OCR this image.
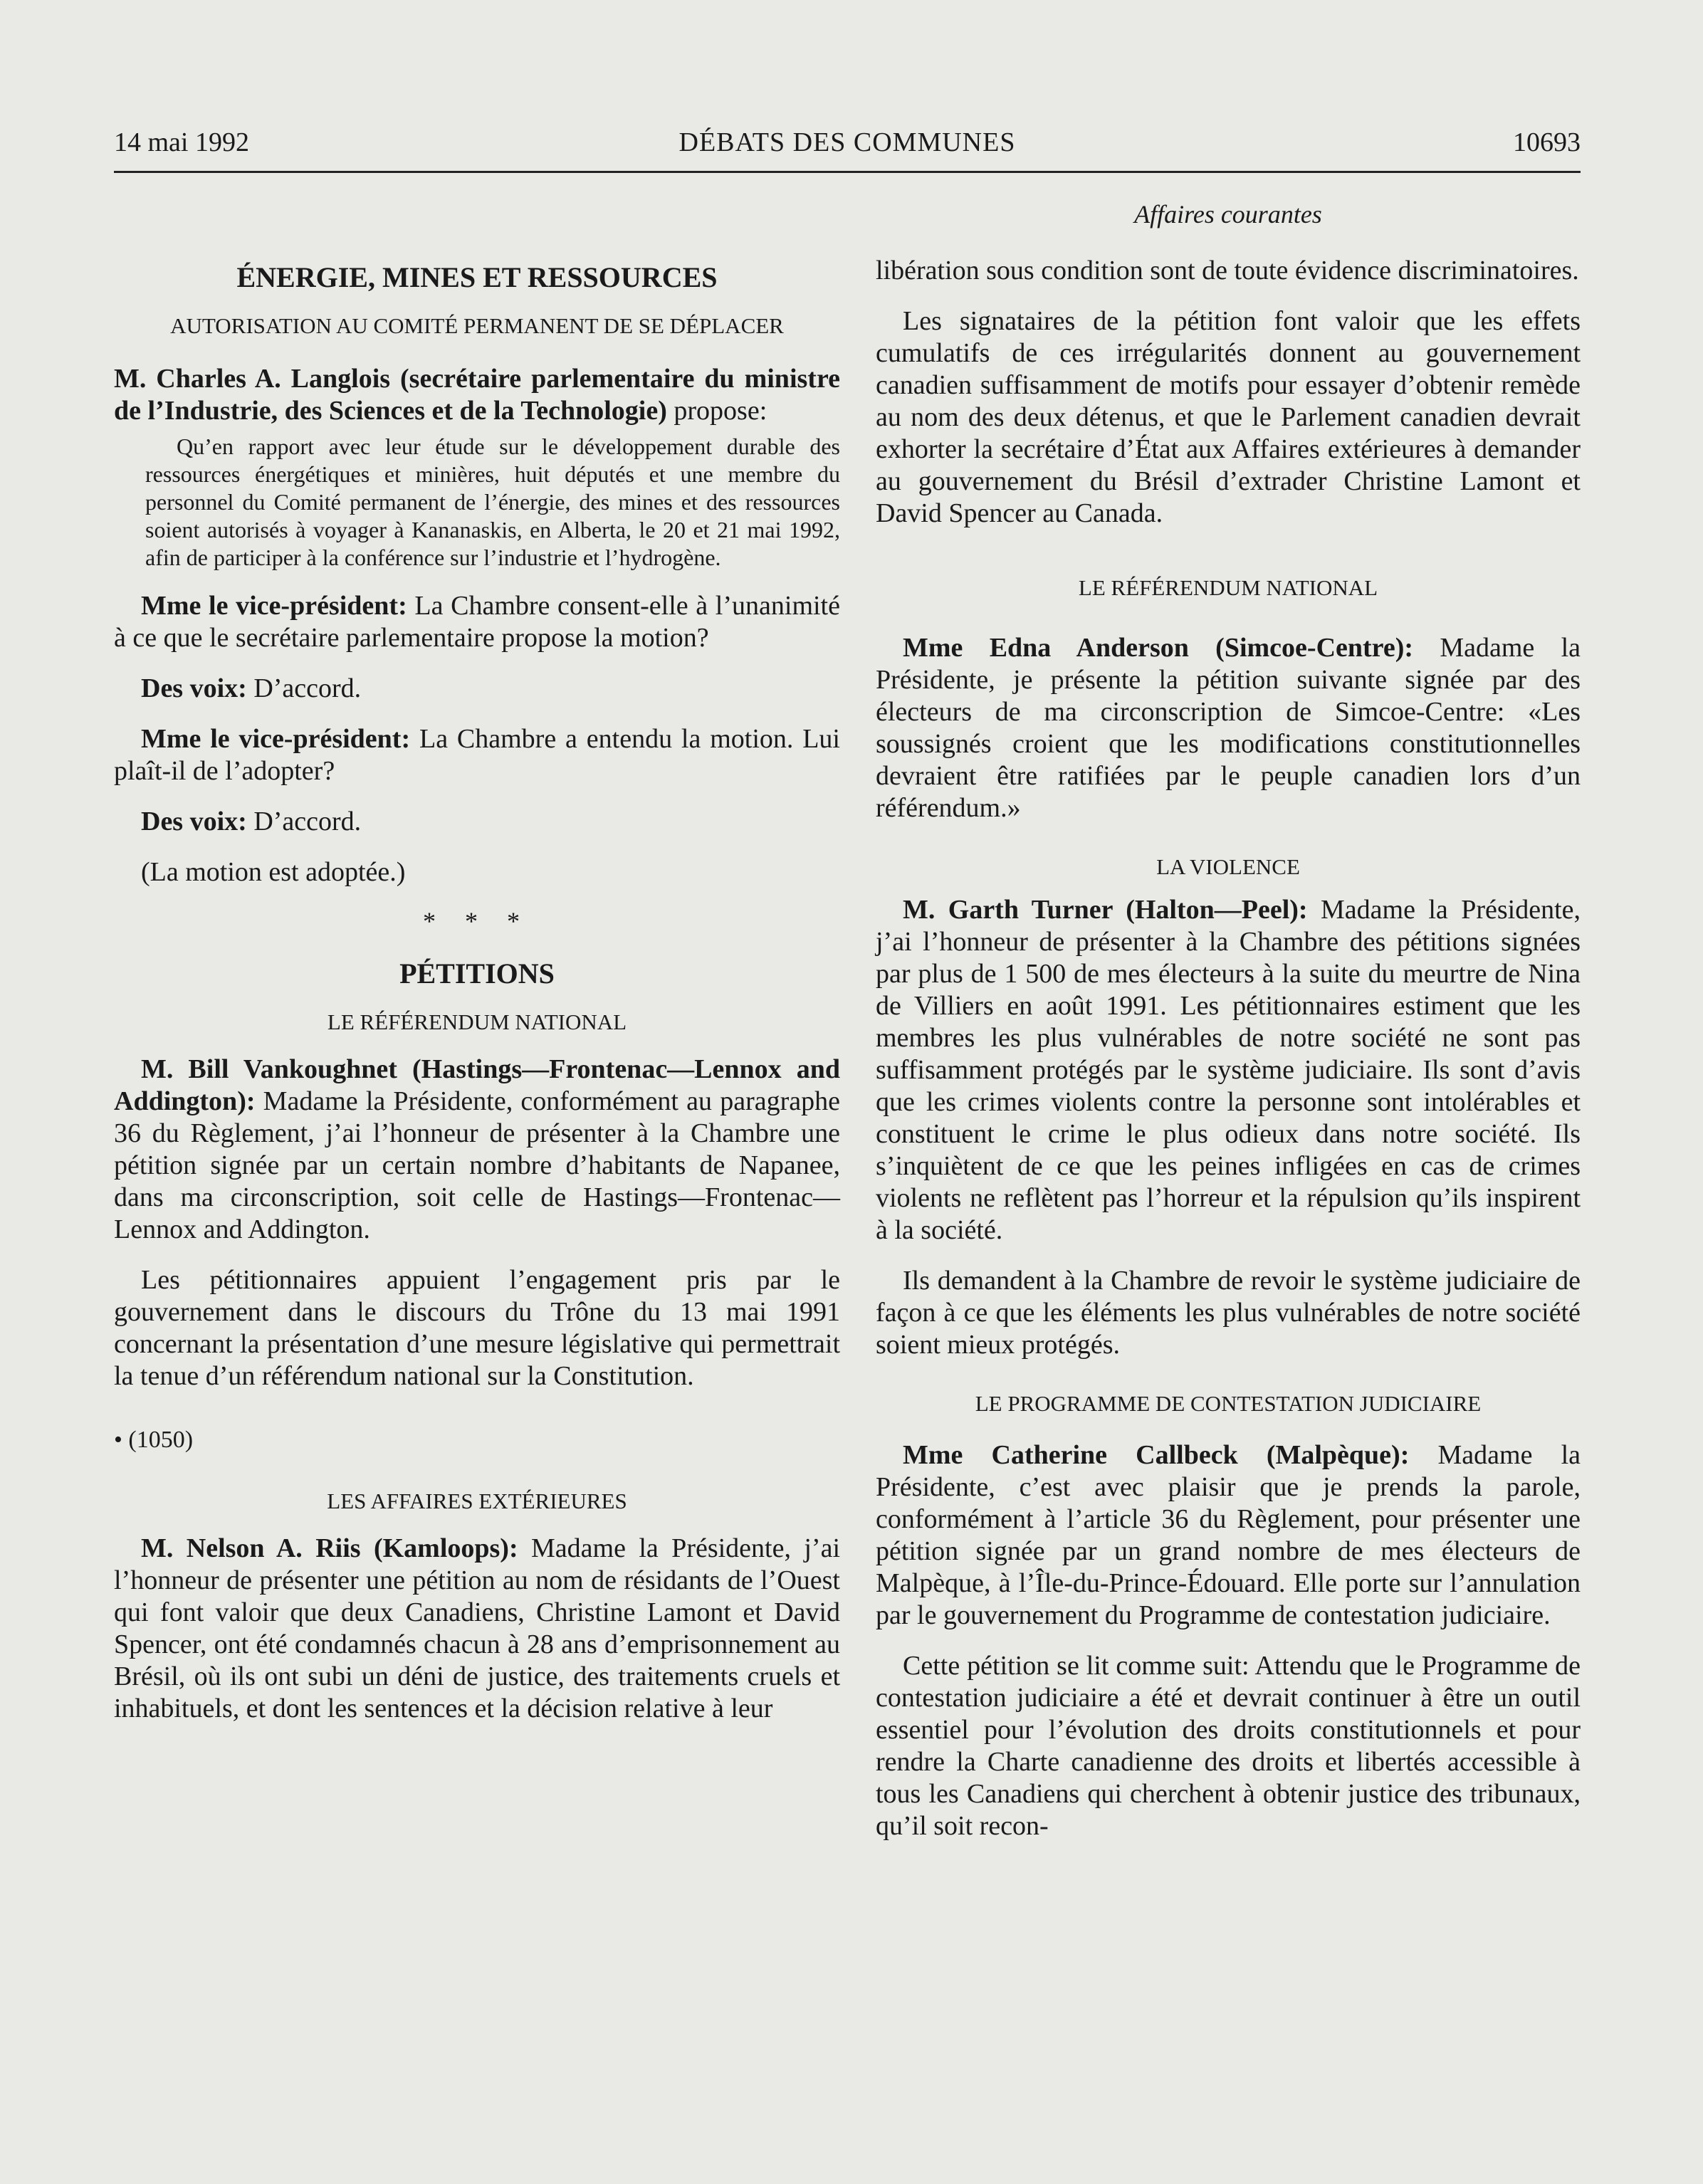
14 mai 1992	DÉBATS DES COMMUNES	10693
Affaires courantes
ÉNERGIE, MINES ET RESSOURCES
AUTORISATION AU COMITÉ PERMANENT DE SE DÉPLACER

M. Charles A. Langlois (secrétaire parlementaire du ministre de l’Industrie, des Sciences et de la Technologie) propose:

Qu’en rapport avec leur étude sur le développement durable des ressources énergétiques et minières, huit députés et une membre du personnel du Comité permanent de l’énergie, des mines et des ressources soient autorisés à voyager à Kananaskis, en Alberta, le 20 et 21 mai 1992, afin de participer à la conférence sur l’industrie et l’hydrogène.

Mme le vice-président: La Chambre consent-elle à l’unanimité à ce que le secrétaire parlementaire propose la motion?

Des voix: D’accord.

Mme le vice-président: La Chambre a entendu la motion. Lui plaît-il de l’adopter?

Des voix: D’accord.

(La motion est adoptée.)

* * *
PÉTITIONS
LE RÉFÉRENDUM NATIONAL

M. Bill Vankoughnet (Hastings—Frontenac—Lennox and Addington): Madame la Présidente, conformément au paragraphe 36 du Règlement, j’ai l’honneur de présenter à la Chambre une pétition signée par un certain nombre d’habitants de Napanee, dans ma circonscription, soit celle de Hastings—Frontenac—Lennox and Addington.

Les pétitionnaires appuient l’engagement pris par le gouvernement dans le discours du Trône du 13 mai 1991 concernant la présentation d’une mesure législative qui permettrait la tenue d’un référendum national sur la Constitution.

• (1050)
LES AFFAIRES EXTÉRIEURES

M. Nelson A. Riis (Kamloops): Madame la Présidente, j’ai l’honneur de présenter une pétition au nom de résidants de l’Ouest qui font valoir que deux Canadiens, Christine Lamont et David Spencer, ont été condamnés chacun à 28 ans d’emprisonnement au Brésil, où ils ont subi un déni de justice, des traitements cruels et inhabituels, et dont les sentences et la décision relative à leur

libération sous condition sont de toute évidence discriminatoires.

Les signataires de la pétition font valoir que les effets cumulatifs de ces irrégularités donnent au gouvernement canadien suffisamment de motifs pour essayer d’obtenir remède au nom des deux détenus, et que le Parlement canadien devrait exhorter la secrétaire d’État aux Affaires extérieures à demander au gouvernement du Brésil d’extrader Christine Lamont et David Spencer au Canada.

LE RÉFÉRENDUM NATIONAL

Mme Edna Anderson (Simcoe-Centre): Madame la Présidente, je présente la pétition suivante signée par des électeurs de ma circonscription de Simcoe-Centre: «Les soussignés croient que les modifications constitutionnelles devraient être ratifiées par le peuple canadien lors d’un référendum.»

LA VIOLENCE

M. Garth Turner (Halton—Peel): Madame la Présidente, j’ai l’honneur de présenter à la Chambre des pétitions signées par plus de 1 500 de mes électeurs à la suite du meurtre de Nina de Villiers en août 1991. Les pétitionnaires estiment que les membres les plus vulnérables de notre société ne sont pas suffisamment protégés par le système judiciaire. Ils sont d’avis que les crimes violents contre la personne sont intolérables et constituent le crime le plus odieux dans notre société. Ils s’inquiètent de ce que les peines infligées en cas de crimes violents ne reflètent pas l’horreur et la répulsion qu’ils inspirent à la société.

Ils demandent à la Chambre de revoir le système judiciaire de façon à ce que les éléments les plus vulnérables de notre société soient mieux protégés.

LE PROGRAMME DE CONTESTATION JUDICIAIRE

Mme Catherine Callbeck (Malpèque): Madame la Présidente, c’est avec plaisir que je prends la parole, conformément à l’article 36 du Règlement, pour présenter une pétition signée par un grand nombre de mes électeurs de Malpèque, à l’Île-du-Prince-Édouard. Elle porte sur l’annulation par le gouvernement du Programme de contestation judiciaire.

Cette pétition se lit comme suit: Attendu que le Programme de contestation judiciaire a été et devrait continuer à être un outil essentiel pour l’évolution des droits constitutionnels et pour rendre la Charte canadienne des droits et libertés accessible à tous les Canadiens qui cherchent à obtenir justice des tribunaux, qu’il soit recon-
